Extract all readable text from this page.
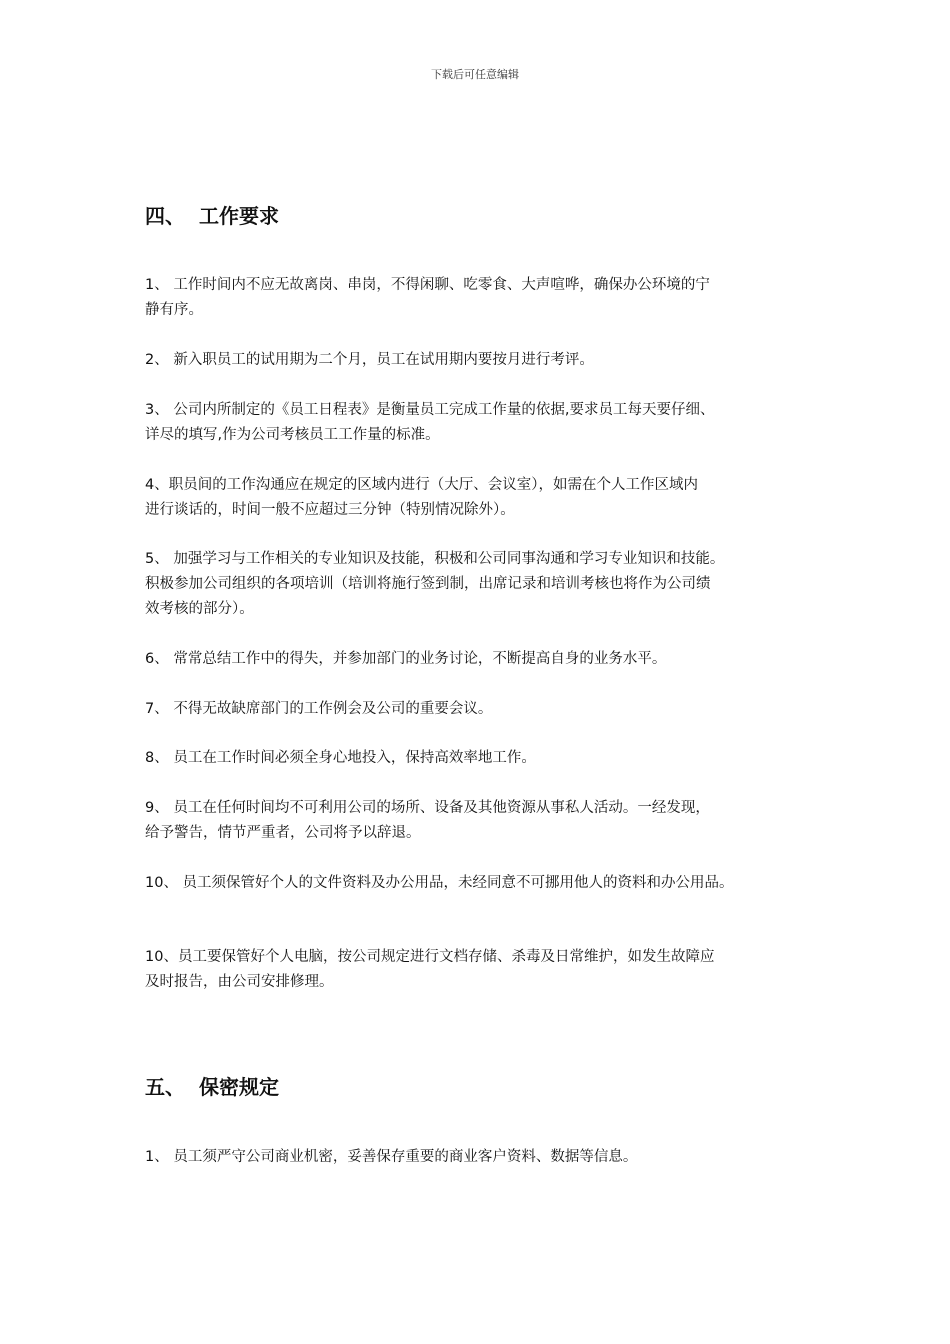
下载后可任意编辑
四、 工作要求
1、 工作时间内不应无故离岗、串岗，不得闲聊、吃零食、大声喧哗，确保办公环境的宁
静有序。
2、 新入职员工的试用期为二个月，员工在试用期内要按月进行考评。
3、 公司内所制定的《员工日程表》是衡量员工完成工作量的依据,要求员工每天要仔细、
详尽的填写,作为公司考核员工工作量的标准。
4、职员间的工作沟通应在规定的区域内进行（大厅、会议室），如需在个人工作区域内
进行谈话的，时间一般不应超过三分钟（特别情况除外）。
5、 加强学习与工作相关的专业知识及技能，积极和公司同事沟通和学习专业知识和技能。
积极参加公司组织的各项培训（培训将施行签到制，出席记录和培训考核也将作为公司绩
效考核的部分）。
6、 常常总结工作中的得失，并参加部门的业务讨论，不断提高自身的业务水平。
7、 不得无故缺席部门的工作例会及公司的重要会议。
8、 员工在工作时间必须全身心地投入，保持高效率地工作。
9、 员工在任何时间均不可利用公司的场所、设备及其他资源从事私人活动。一经发现，
给予警告，情节严重者，公司将予以辞退。
10、 员工须保管好个人的文件资料及办公用品，未经同意不可挪用他人的资料和办公用品。
10、员工要保管好个人电脑，按公司规定进行文档存储、杀毒及日常维护，如发生故障应
及时报告，由公司安排修理。
五、 保密规定
1、 员工须严守公司商业机密，妥善保存重要的商业客户资料、数据等信息。
